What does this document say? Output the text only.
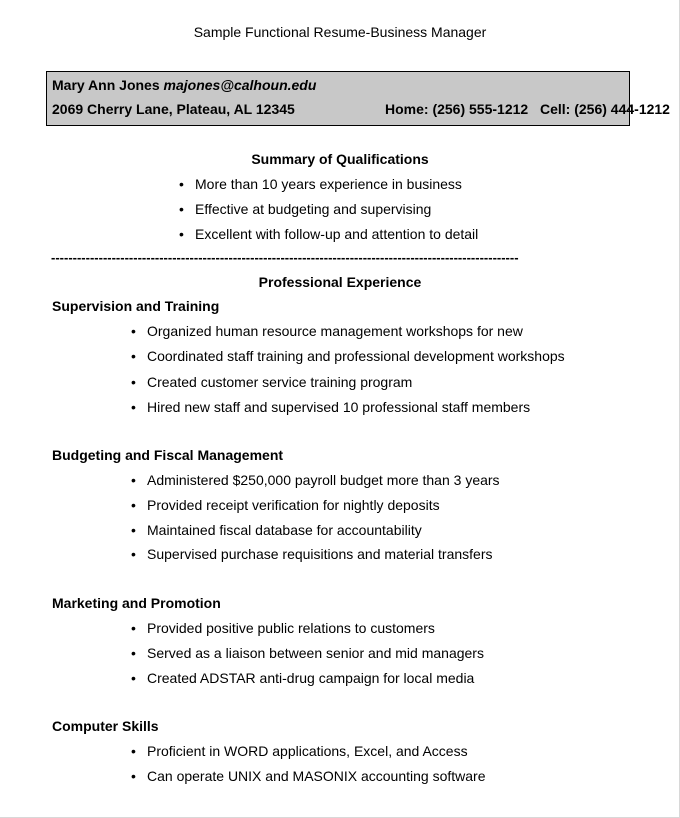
Sample Functional Resume-Business Manager
Mary Ann Jones majones@calhoun.edu
2069 Cherry Lane, Plateau, AL 12345	Home: (256) 555-1212 Cell: (256) 444-1212
Summary of Qualifications
• More than 10 years experience in business
• Effective at budgeting and supervising
• Excellent with follow-up and attention to detail
------------------------------------------------------------------------------------------------------------
Professional Experience
Supervision and Training
• Organized human resource management workshops for new
• Coordinated staff training and professional development workshops
• Created customer service training program
• Hired new staff and supervised 10 professional staff members
Budgeting and Fiscal Management
• Administered $250,000 payroll budget more than 3 years
• Provided receipt verification for nightly deposits
• Maintained fiscal database for accountability
• Supervised purchase requisitions and material transfers
Marketing and Promotion
• Provided positive public relations to customers
• Served as a liaison between senior and mid managers
• Created ADSTAR anti-drug campaign for local media
Computer Skills
• Proficient in WORD applications, Excel, and Access
• Can operate UNIX and MASONIX accounting software
